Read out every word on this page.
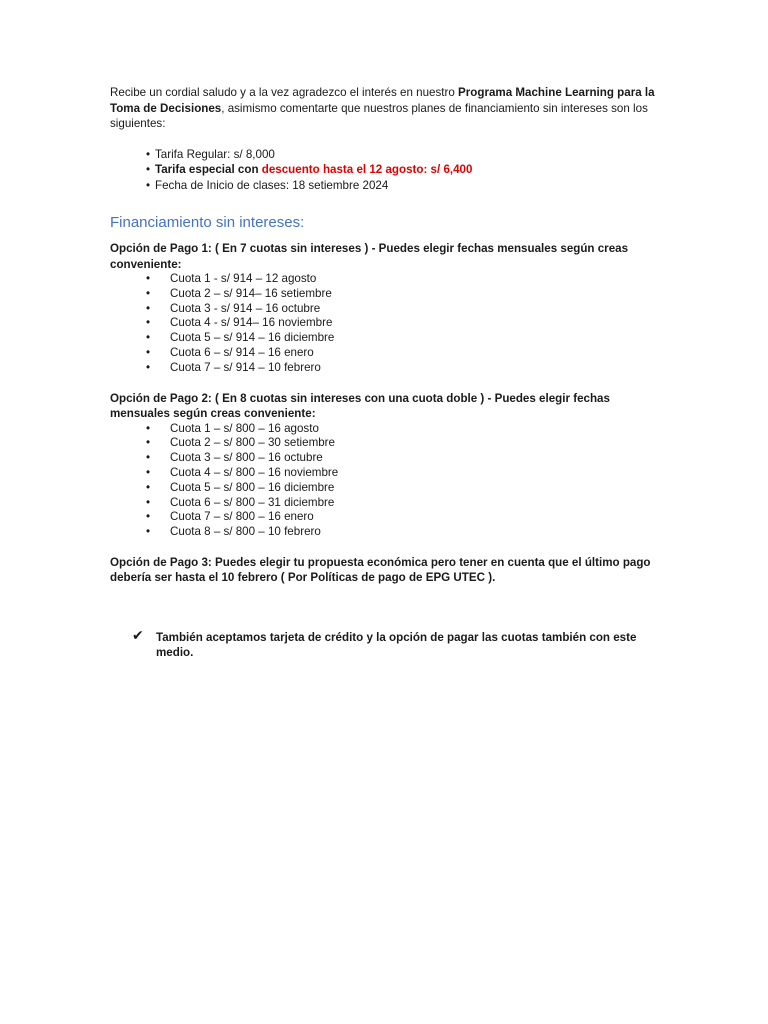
Recibe un cordial saludo y a la vez agradezco el interés en nuestro Programa Machine Learning para la Toma de Decisiones, asimismo comentarte que nuestros planes de financiamiento sin intereses son los siguientes:

• Tarifa Regular: s/ 8,000
• Tarifa especial con descuento hasta el 12 agosto: s/ 6,400
• Fecha de Inicio de clases: 18 setiembre 2024
Financiamiento sin intereses:

Opción de Pago 1: ( En 7 cuotas sin intereses ) - Puedes elegir fechas mensuales según creas conveniente:

• Cuota 1 - s/ 914 – 12 agosto
• Cuota 2 – s/ 914– 16 setiembre
• Cuota 3 - s/ 914 – 16 octubre
• Cuota 4 - s/ 914– 16 noviembre
• Cuota 5 – s/ 914 – 16 diciembre
• Cuota 6 – s/ 914 – 16 enero
• Cuota 7 – s/ 914 – 10 febrero

Opción de Pago 2: ( En 8 cuotas sin intereses con una cuota doble ) - Puedes elegir fechas mensuales según creas conveniente:

• Cuota 1 – s/ 800 – 16 agosto
• Cuota 2 – s/ 800 – 30 setiembre
• Cuota 3 – s/ 800 – 16 octubre
• Cuota 4 – s/ 800 – 16 noviembre
• Cuota 5 – s/ 800 – 16 diciembre
• Cuota 6 – s/ 800 – 31 diciembre
• Cuota 7 – s/ 800 – 16 enero
• Cuota 8 – s/ 800 – 10 febrero

Opción de Pago 3: Puedes elegir tu propuesta económica pero tener en cuenta que el último pago debería ser hasta el 10 febrero ( Por Políticas de pago de EPG UTEC ).

✔ También aceptamos tarjeta de crédito y la opción de pagar las cuotas también con este medio.
